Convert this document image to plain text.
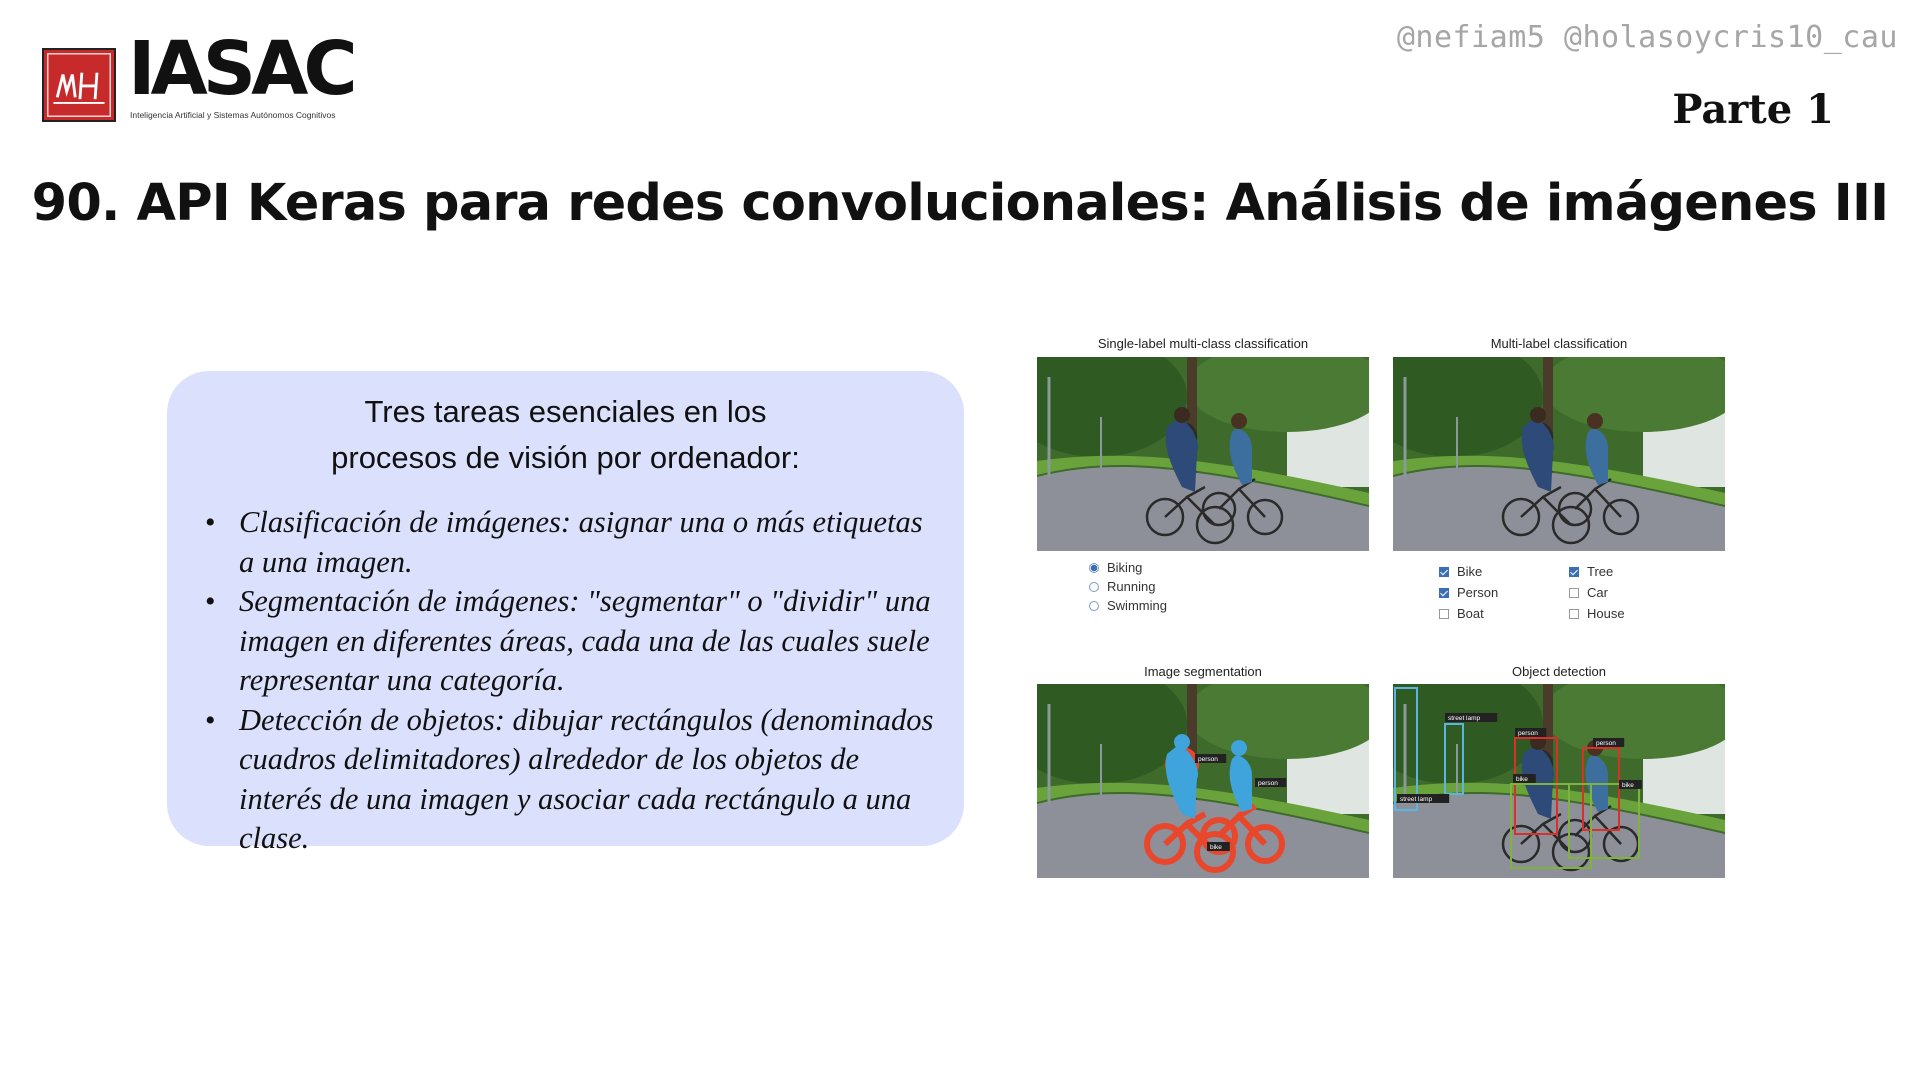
IASAC
Inteligencia Artificial y Sistemas Autónomos Cognitivos
@nefiam5 @holasoycris10_cau
Parte 1
90. API Keras para redes convolucionales: Análisis de imágenes III
Tres tareas esenciales en los
procesos de visión por ordenador:
• Clasificación de imágenes: asignar una o más etiquetas a una imagen.
• Segmentación de imágenes: "segmentar" o "dividir" una imagen en diferentes áreas, cada una de las cuales suele representar una categoría.
• Detección de objetos: dibujar rectángulos (denominados cuadros delimitadores) alrededor de los objetos de interés de una imagen y asociar cada rectángulo a una clase.
Single-label multi-class classification	Multi-label classification
Image segmentation	Object detection
person
person
bike
street lamp
street lamp
person
person
bike
bike
Biking
Running
Swimming
Bike	Tree
Person	Car
Boat	House
